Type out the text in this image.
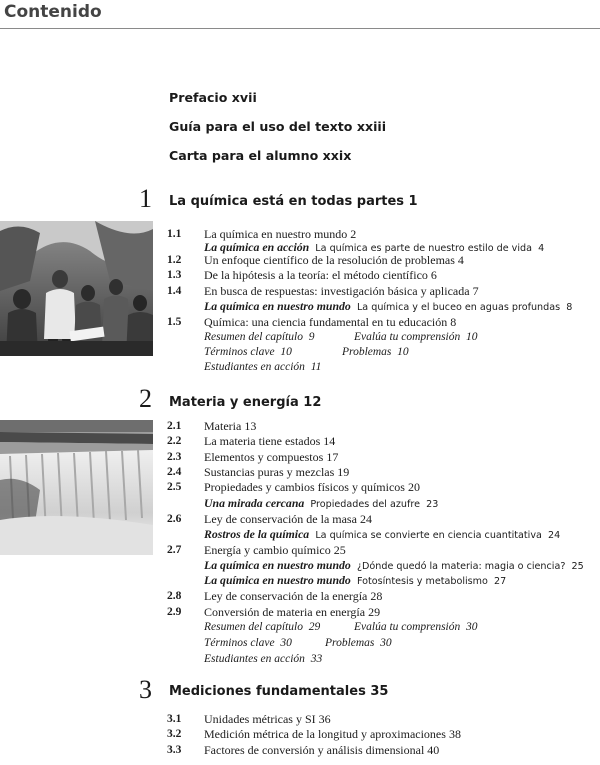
Contenido
Prefacio xvii
Guía para el uso del texto xxiii
Carta para el alumno xxix
1 La química está en todas partes 1
1.1	La química en nuestro mundo 2
La química en acción La química es parte de nuestro estilo de vida 4
1.2	Un enfoque científico de la resolución de problemas 4
1.3	De la hipótesis a la teoría: el método científico 6
1.4	En busca de respuestas: investigación básica y aplicada 7
La química en nuestro mundo La química y el buceo en aguas profundas 8
1.5	Química: una ciencia fundamental en tu educación 8
Resumen del capítulo 9	Evalúa tu comprensión 10
Términos clave 10	Problemas 10
Estudiantes en acción 11
2 Materia y energía 12
2.1	Materia 13
2.2	La materia tiene estados 14
2.3	Elementos y compuestos 17
2.4	Sustancias puras y mezclas 19
2.5	Propiedades y cambios físicos y químicos 20
Una mirada cercana Propiedades del azufre 23
2.6	Ley de conservación de la masa 24
Rostros de la química La química se convierte en ciencia cuantitativa 24
2.7	Energía y cambio químico 25
La química en nuestro mundo ¿Dónde quedó la materia: magia o ciencia? 25
La química en nuestro mundo Fotosíntesis y metabolismo 27
2.8	Ley de conservación de la energía 28
2.9	Conversión de materia en energía 29
Resumen del capítulo 29	Evalúa tu comprensión 30
Términos clave 30	Problemas 30
Estudiantes en acción 33
3 Mediciones fundamentales 35
3.1	Unidades métricas y SI 36
3.2	Medición métrica de la longitud y aproximaciones 38
3.3	Factores de conversión y análisis dimensional 40
